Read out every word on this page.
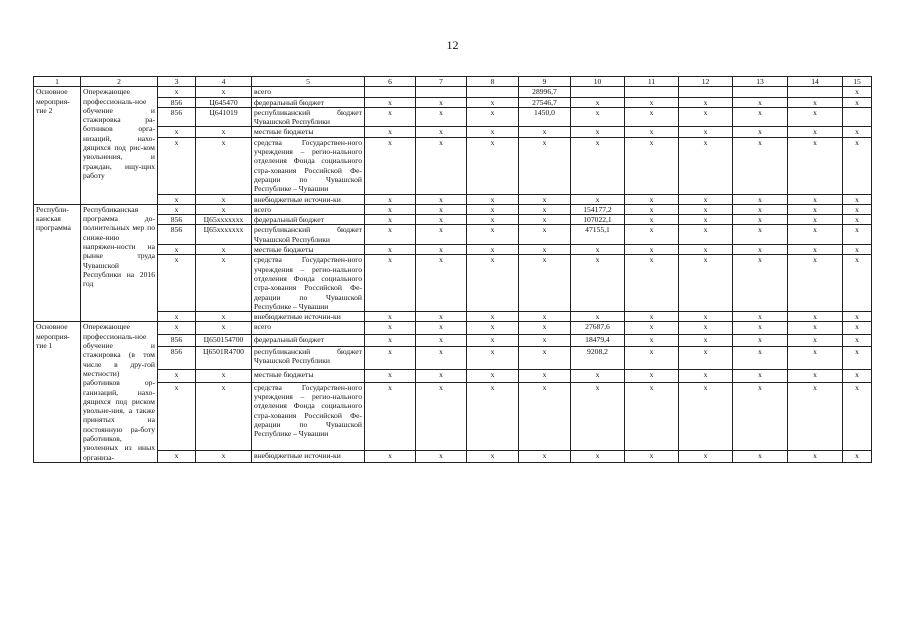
12
1	2	3	4	5	6	7	8	9	10	11	12	13	14	15
Основное мероприя-тие 2	Опережающее профессиональ-ное обучение и стажировка ра-ботников орга-низаций, нахо-дящихся под рис-ком увольнения, и граждан, ищу-щих работу	x	x	всего				28996,7						x
		856	Ц645470	федеральный бюджет	x	x	x	27546,7	x	x	x	x	x	x
		856	Ц641019	республиканский бюджет Чувашской Республики	x	x	x	1450,0	x	x	x	x	x	
		x	x	местные бюджеты	x	x	x	x	x	x	x	x	x	x
		x	x	средства Государствен-ного учреждения – регио-нального отделения Фонда социального стра-хования Российской Фе-дерации по Чувашской Республике – Чувашии	x	x	x	x	x	x	x	x	x	x
		x	x	внебюджетные источни-ки	x	x	x	x	x	x	x	x	x	x
Республи-канская программа	Республиканская программа до-полнительных мер по сниже-нию напряжен-ности на рынке труда Чувашской Республики на 2016 год	x	x	всего	x	x	x	x	154177,2	x	x	x	x	x
		856	Ц65ххххххх	федеральный бюджет	x	x	x	x	107022,1	x	x	x	x	x
		856	Ц65ххххххх	республиканский бюджет Чувашской Республики	x	x	x	x	47155,1	x	x	x	x	x
		x	x	местные бюджеты	x	x	x	x	x	x	x	x	x	x
		x	x	средства Государствен-ного учреждения – регио-нального отделения Фонда социального стра-хования Российской Фе-дерации по Чувашской Республике – Чувашии	x	x	x	x	x	x	x	x	x	x
		x	x	внебюджетные источни-ки	x	x	x	x	x	x	x	x	x	x
Основное мероприя-тие 1	Опережающее профессиональ-ное обучение и стажировка (в том числе в дру-гой местности) работников ор-ганизаций, нахо-дящихся под риском увольне-ния, а также принятых на постоянную ра-боту работников, уволенных из иных организа-	x	x	всего	x	x	x	x	27687,6	x	x	x	x	x
		856	Ц650154700	федеральный бюджет	x	x	x	x	18479,4	x	x	x	x	x
		856	Ц6501R4700	республиканский бюджет Чувашской Республики	x	x	x	x	9208,2	x	x	x	x	x
		x	x	местные бюджеты	x	x	x	x	x	x	x	x	x	x
		x	x	средства Государствен-ного учреждения – регио-нального отделения Фонда социального стра-хования Российской Фе-дерации по Чувашской Республике – Чувашии	x	x	x	x	x	x	x	x	x	x
		x	x	внебюджетные источни-ки	x	x	x	x	x	x	x	x	x	x
